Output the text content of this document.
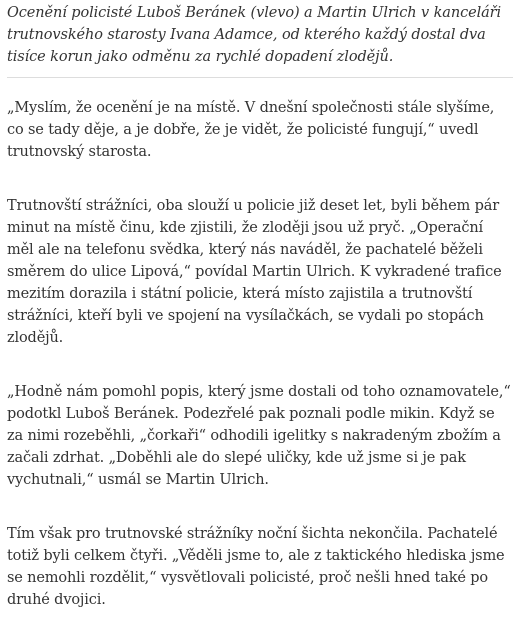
Ocenění policisté Luboš Beránek (vlevo) a Martin Ulrich v kanceláři trutnovského starosty Ivana Adamce, od kterého každý dostal dva tisíce korun jako odměnu za rychlé dopadení zlodějů.

„Myslím, že ocenění je na místě. V dnešní společnosti stále slyšíme, co se tady děje, a je dobře, že je vidět, že policisté fungují,“ uvedl trutnovský starosta.

Trutnovští strážníci, oba slouží u policie již deset let, byli během pár minut na místě činu, kde zjistili, že zloději jsou už pryč. „Operační měl ale na telefonu svědka, který nás naváděl, že pachatelé běželi směrem do ulice Lipová,“ povídal Martin Ulrich. K vykradené trafice mezitím dorazila i státní policie, která místo zajistila a trutnovští strážníci, kteří byli ve spojení na vysílačkách, se vydali po stopách zlodějů.

„Hodně nám pomohl popis, který jsme dostali od toho oznamovatele,“ podotkl Luboš Beránek. Podezřelé pak poznali podle mikin. Když se za nimi rozeběhli, „čorkaři“ odhodili igelitky s nakradeným zbožím a začali zdrhat. „Doběhli ale do slepé uličky, kde už jsme si je pak vychutnali,“ usmál se Martin Ulrich.

Tím však pro trutnovské strážníky noční šichta nekončila. Pachatelé totiž byli celkem čtyři. „Věděli jsme to, ale z taktického hlediska jsme se nemohli rozdělit,“ vysvětlovali policisté, proč nešli hned také po druhé dvojici.
